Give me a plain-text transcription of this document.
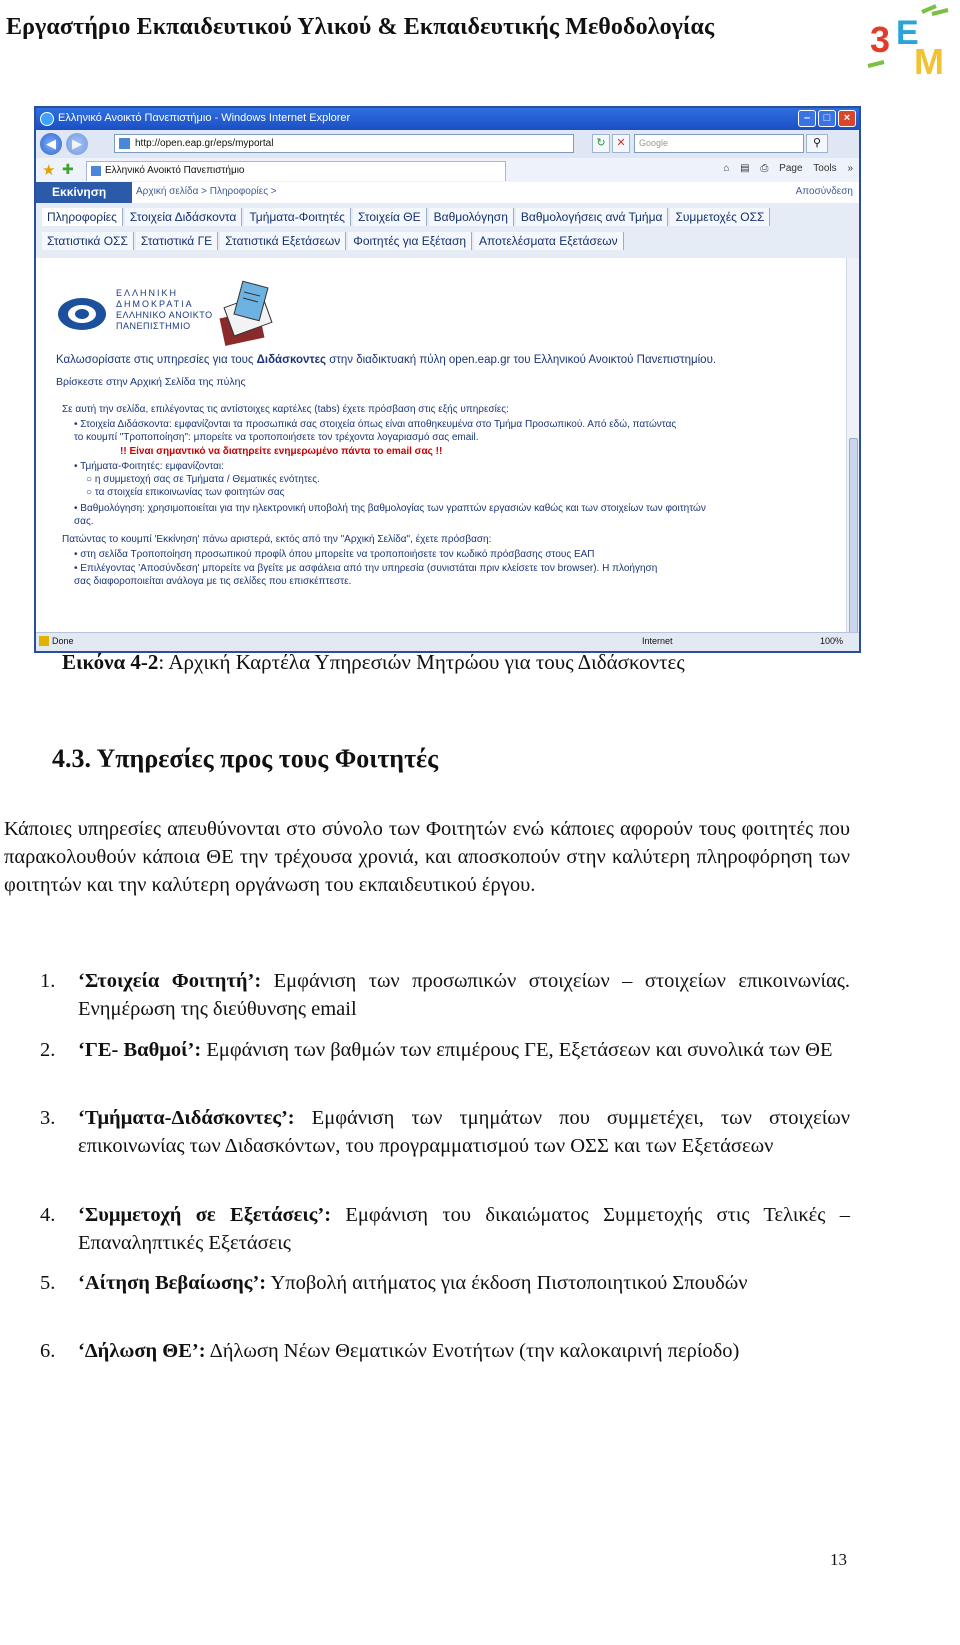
Εργαστήριο Εκπαιδευτικού Υλικού & Εκπαιδευτικής Μεθοδολογίας	3 Ε
Μ
Ελληνικό Ανοικτό Πανεπιστήμιο - Windows Internet Explorer	–	□	×
◀	▶	http://open.eap.gr/eps/myportal	↻ ✕	Google	⚲
★ ✚	Ελληνικό Ανοικτό Πανεπιστήμιο	⌂ ▤ ⎙ Page Tools »
Εκκίνηση	Αρχική σελίδα > Πληροφορίες >	Αποσύνδεση
Πληροφορίες	Στοιχεία Διδάσκοντα	Τμήματα-Φοιτητές	Στοιχεία ΘΕ	Βαθμολόγηση	Βαθμολογήσεις ανά Τμήμα	Συμμετοχές ΟΣΣ
Στατιστικά ΟΣΣ	Στατιστικά ΓΕ	Στατιστικά Εξετάσεων	Φοιτητές για Εξέταση	Αποτελέσματα Εξετάσεων
ΕΛΛΗΝΙΚΗ
ΔΗΜΟΚΡΑΤΙΑ
ΕΛΛΗΝΙΚΟ ΑΝΟΙΚΤΟ
ΠΑΝΕΠΙΣΤΗΜΙΟ
Καλωσορίσατε στις υπηρεσίες για τους Διδάσκοντες στην διαδικτυακή πύλη open.eap.gr του Ελληνικού Ανοικτού Πανεπιστημίου.
Βρίσκεστε στην Αρχική Σελίδα της πύλης
Σε αυτή την σελίδα, επιλέγοντας τις αντίστοιχες καρτέλες (tabs) έχετε πρόσβαση στις εξής υπηρεσίες:
• Στοιχεία Διδάσκοντα: εμφανίζονται τα προσωπικά σας στοιχεία όπως είναι αποθηκευμένα στο Τμήμα Προσωπικού. Από εδώ, πατώντας
το κουμπί "Τροποποίηση": μπορείτε να τροποποιήσετε τον τρέχοντα λογαριασμό σας email.
!! Είναι σημαντικό να διατηρείτε ενημερωμένο πάντα το email σας !!
• Τμήματα-Φοιτητές: εμφανίζονται:
○ η συμμετοχή σας σε Τμήματα / Θεματικές ενότητες.
○ τα στοιχεία επικοινωνίας των φοιτητών σας
• Βαθμολόγηση: χρησιμοποιείται για την ηλεκτρονική υποβολή της βαθμολογίας των γραπτών εργασιών καθώς και των στοιχείων των φοιτητών
σας.
Πατώντας το κουμπί 'Εκκίνηση' πάνω αριστερά, εκτός από την "Αρχική Σελίδα", έχετε πρόσβαση:
• στη σελίδα Τροποποίηση προσωπικού προφίλ όπου μπορείτε να τροποποιήσετε τον κωδικό πρόσβασης στους ΕΑΠ
• Επιλέγοντας 'Αποσύνδεση' μπορείτε να βγείτε με ασφάλεια από την υπηρεσία (συνιστάται πριν κλείσετε τον browser). Η πλοήγηση
σας διαφοροποιείται ανάλογα με τις σελίδες που επισκέπτεστε.
Done	Internet	100%
Εικόνα 4-2: Αρχική Καρτέλα Υπηρεσιών Μητρώου για τους Διδάσκοντες
4.3. Υπηρεσίες προς τους Φοιτητές
Κάποιες υπηρεσίες απευθύνονται στο σύνολο των Φοιτητών ενώ κάποιες αφορούν τους φοιτητές που παρακολουθούν κάποια ΘΕ την τρέχουσα χρονιά, και αποσκοπούν στην καλύτερη πληροφόρηση των φοιτητών και την καλύτερη οργάνωση του εκπαιδευτικού έργου.
1. ‘Στοιχεία Φοιτητή’: Εμφάνιση των προσωπικών στοιχείων – στοιχείων επικοινωνίας. Ενημέρωση της διεύθυνσης email
2. ‘ΓΕ- Βαθμοί’: Εμφάνιση των βαθμών των επιμέρους ΓΕ, Εξετάσεων και συνολικά των ΘΕ
3. ‘Τμήματα-Διδάσκοντες’: Εμφάνιση των τμημάτων που συμμετέχει, των στοιχείων επικοινωνίας των Διδασκόντων, του προγραμματισμού των ΟΣΣ και των Εξετάσεων
4. ‘Συμμετοχή σε Εξετάσεις’: Εμφάνιση του δικαιώματος Συμμετοχής στις Τελικές – Επαναληπτικές Εξετάσεις
5. ‘Αίτηση Βεβαίωσης’: Υποβολή αιτήματος για έκδοση Πιστοποιητικού Σπουδών
6. ‘Δήλωση ΘΕ’: Δήλωση Νέων Θεματικών Ενοτήτων (την καλοκαιρινή περίοδο)
13
